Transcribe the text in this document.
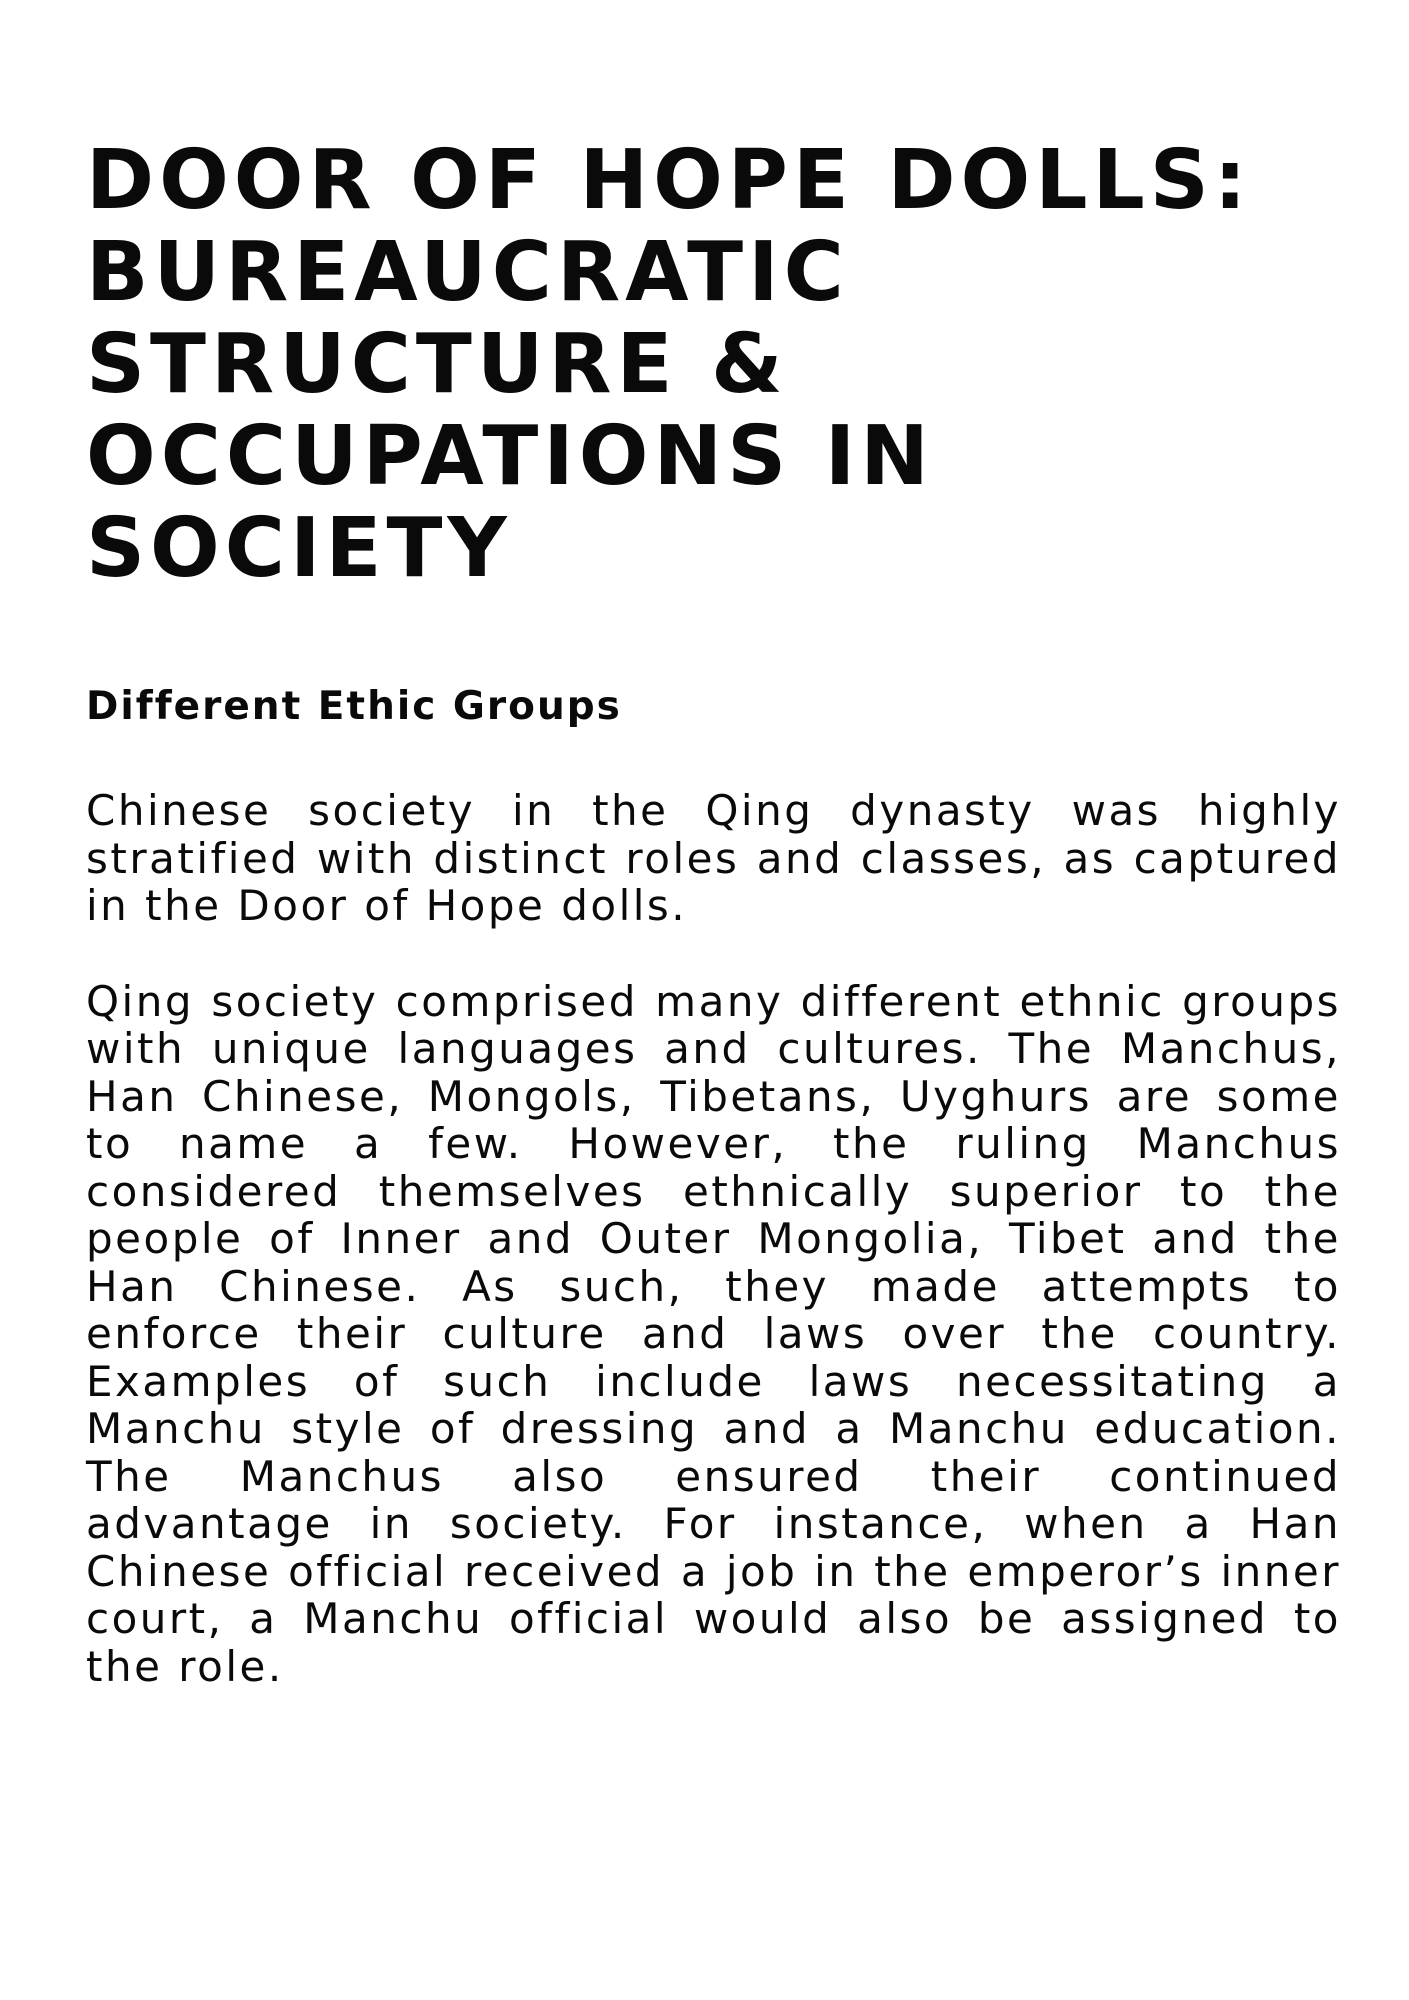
DOOR OF HOPE DOLLS:
BUREAUCRATIC
STRUCTURE &
OCCUPATIONS IN
SOCIETY
Different Ethic Groups

Chinese society in the Qing dynasty was highly stratified with distinct roles and classes, as captured in the Door of Hope dolls.

Qing society comprised many different ethnic groups with unique languages and cultures. The Manchus, Han Chinese, Mongols, Tibetans, Uyghurs are some to name a few. However, the ruling Manchus considered themselves ethnically superior to the people of Inner and Outer Mongolia, Tibet and the Han Chinese. As such, they made attempts to enforce their culture and laws over the country. Examples of such include laws necessitating a Manchu style of dressing and a Manchu education. The Manchus also ensured their continued advantage in society. For instance, when a Han Chinese official received a job in the emperor’s inner court, a Manchu official would also be assigned to the role.
